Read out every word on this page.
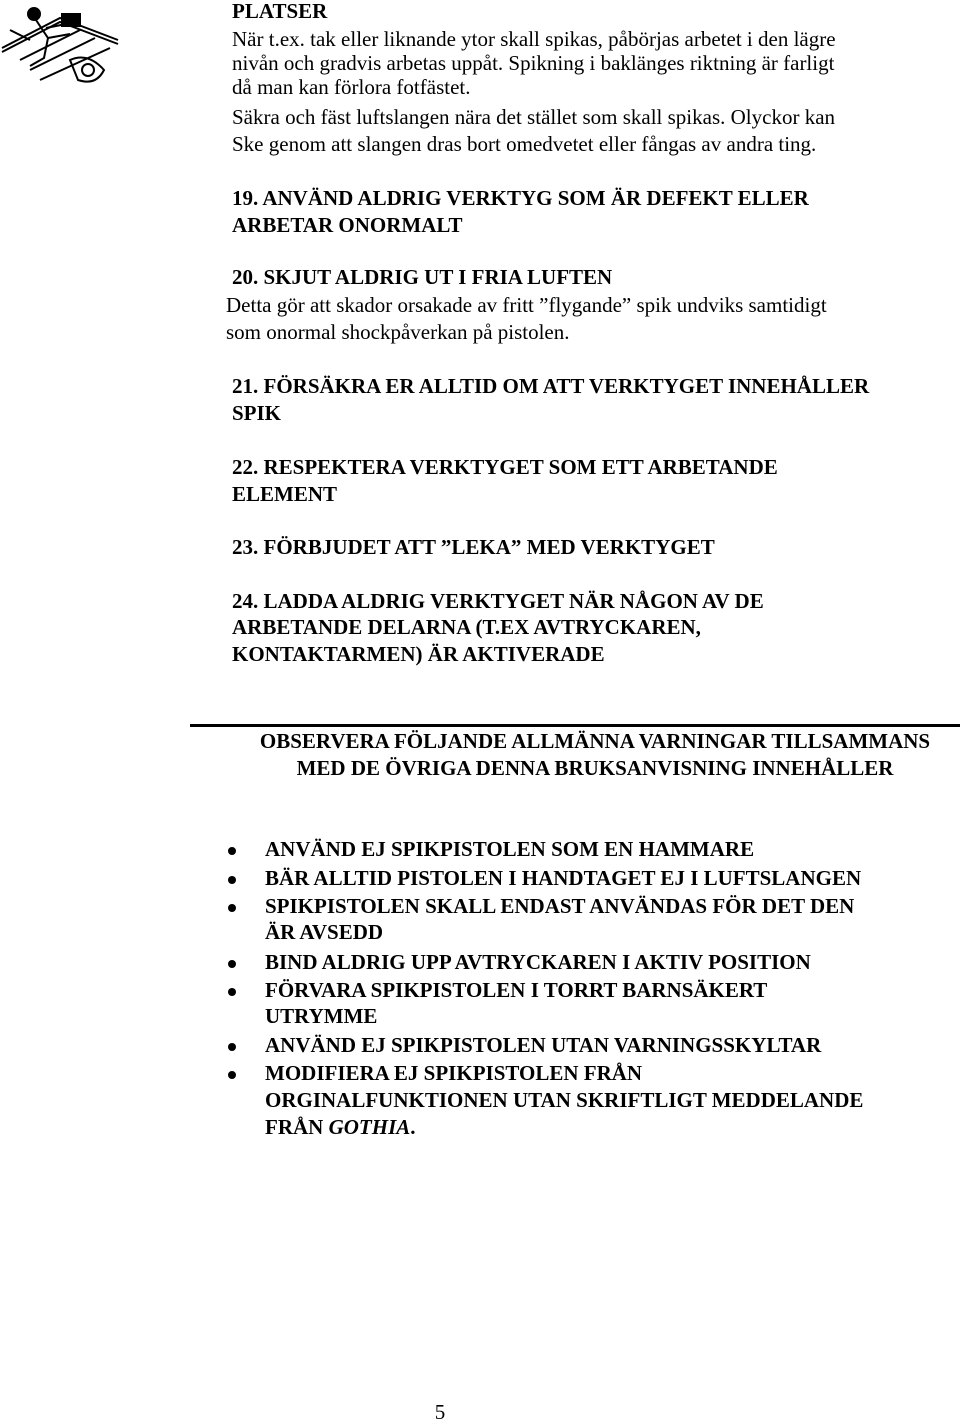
PLATSER
När t.ex. tak eller liknande ytor skall spikas, påbörjas arbetet i den lägre
nivån och gradvis arbetas uppåt. Spikning i baklänges riktning är farligt
då man kan förlora fotfästet.
Säkra och fäst luftslangen nära det stället som skall spikas. Olyckor kan
Ske genom att slangen dras bort omedvetet eller fångas av andra ting.
19. ANVÄND ALDRIG VERKTYG SOM ÄR DEFEKT ELLER
ARBETAR ONORMALT
20. SKJUT ALDRIG UT I FRIA LUFTEN
Detta gör att skador orsakade av fritt ”flygande” spik undviks samtidigt
som onormal shockpåverkan på pistolen.
21. FÖRSÄKRA ER ALLTID OM ATT VERKTYGET INNEHÅLLER
SPIK
22. RESPEKTERA VERKTYGET SOM ETT ARBETANDE
ELEMENT
23. FÖRBJUDET ATT ”LEKA” MED VERKTYGET
24. LADDA ALDRIG VERKTYGET NÄR NÅGON AV DE
ARBETANDE DELARNA (T.EX AVTRYCKAREN,
KONTAKTARMEN) ÄR AKTIVERADE
OBSERVERA FÖLJANDE ALLMÄNNA VARNINGAR TILLSAMMANS
MED DE ÖVRIGA DENNA BRUKSANVISNING INNEHÅLLER
ANVÄND EJ SPIKPISTOLEN SOM EN HAMMARE
BÄR ALLTID PISTOLEN I HANDTAGET EJ I LUFTSLANGEN
SPIKPISTOLEN SKALL ENDAST ANVÄNDAS FÖR DET DEN
ÄR AVSEDD
BIND ALDRIG UPP AVTRYCKAREN I AKTIV POSITION
FÖRVARA SPIKPISTOLEN I TORRT BARNSÄKERT
UTRYMME
ANVÄND EJ SPIKPISTOLEN UTAN VARNINGSSKYLTAR
MODIFIERA EJ SPIKPISTOLEN FRÅN
ORGINALFUNKTIONEN UTAN SKRIFTLIGT MEDDELANDE
FRÅN GOTHIA.
5
